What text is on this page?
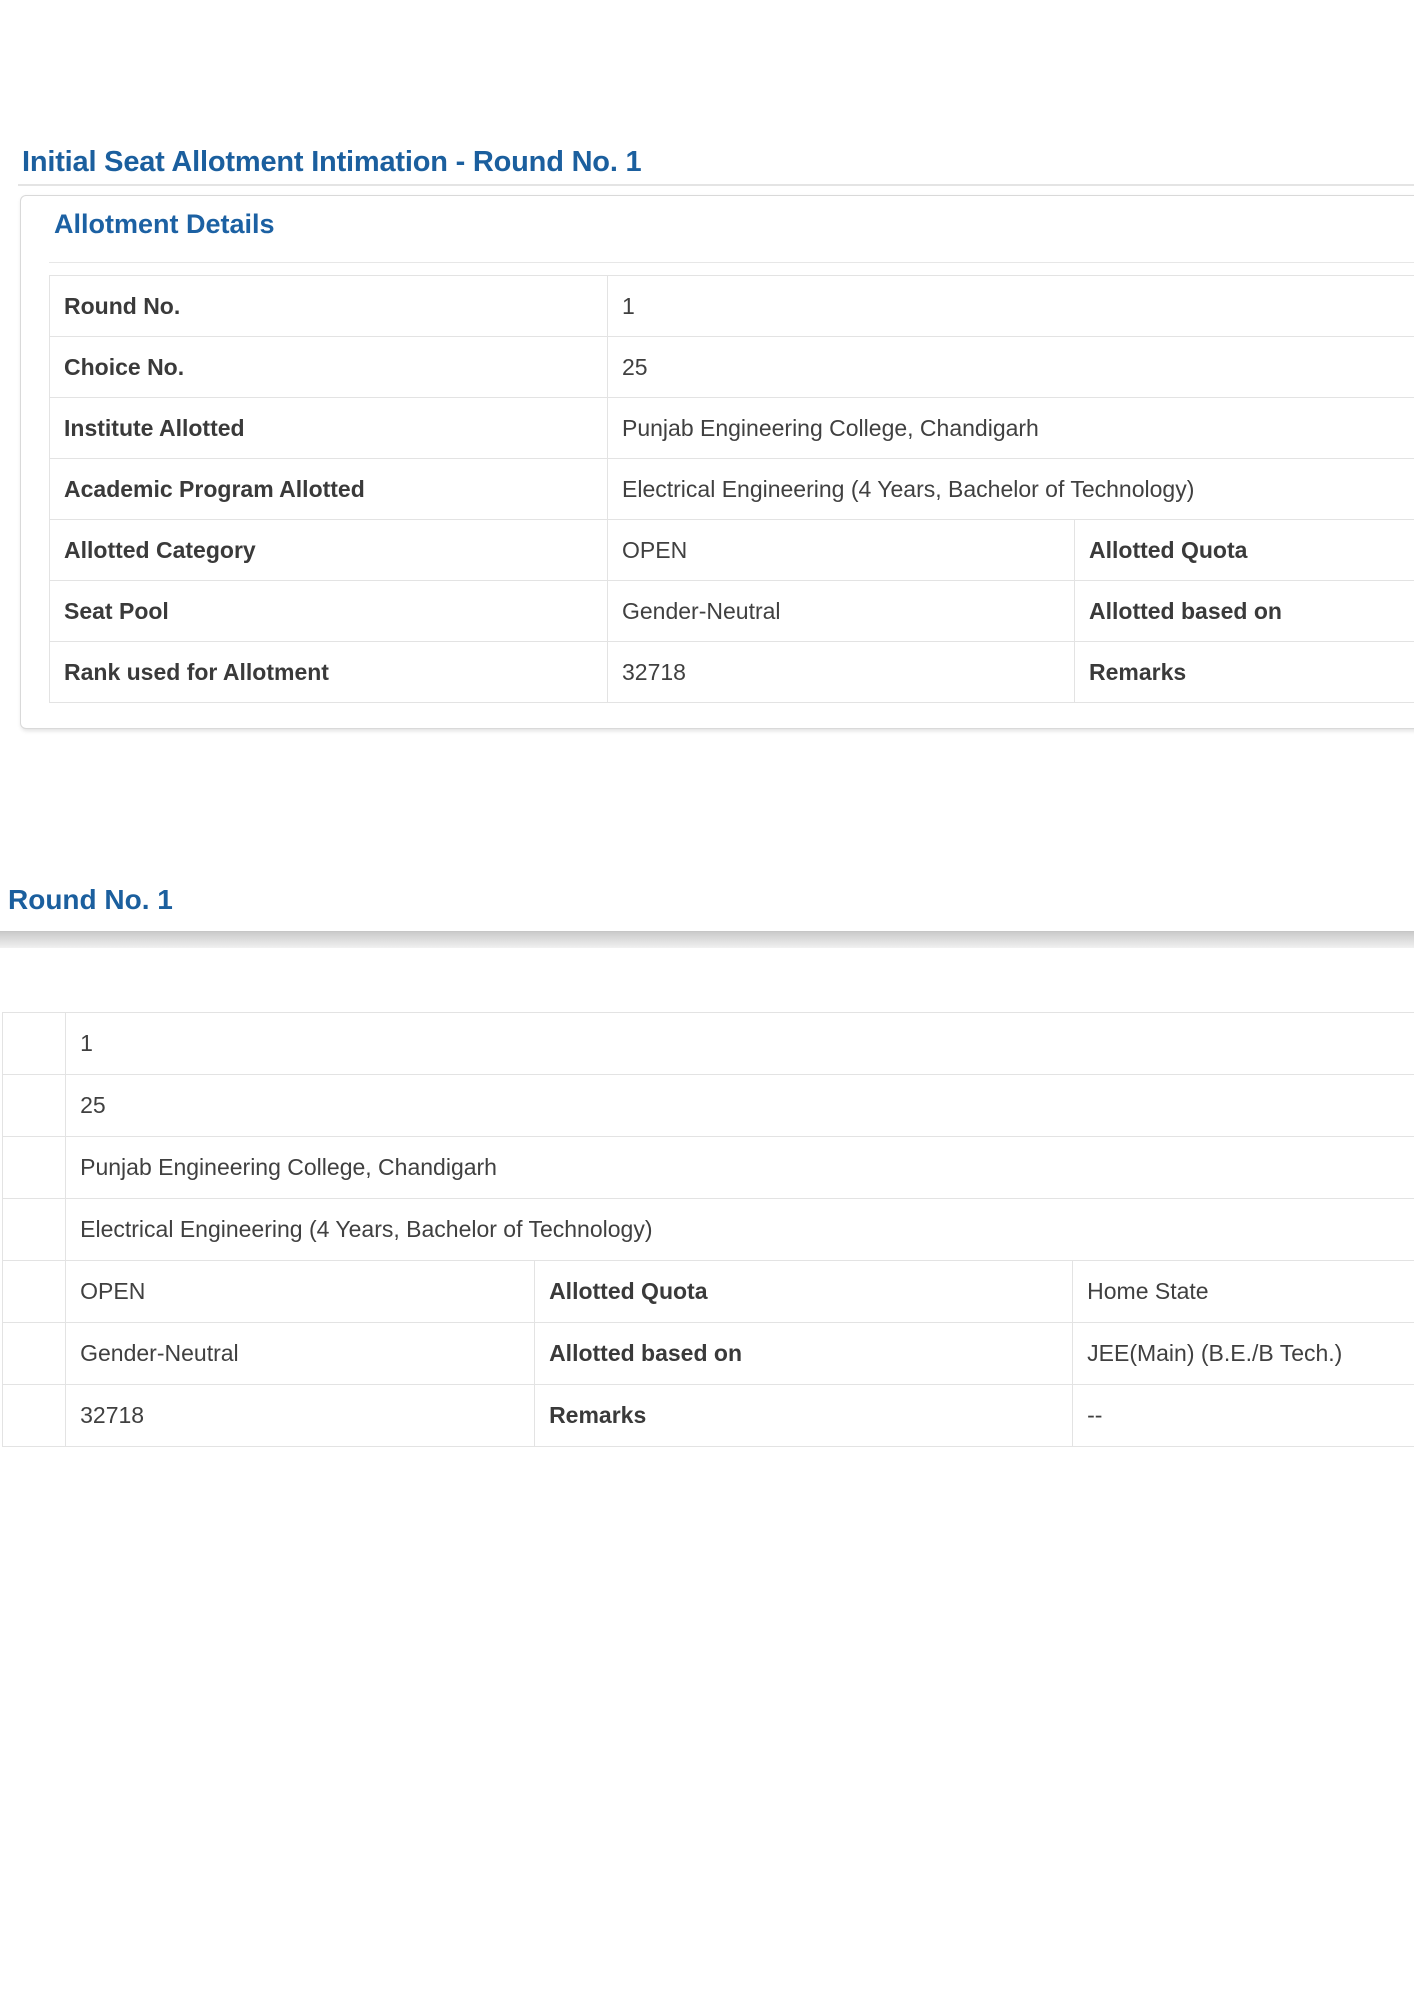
Initial Seat Allotment Intimation - Round No. 1
Allotment Details
Round No.	1	
Choice No.	25	
Institute Allotted	Punjab Engineering College, Chandigarh	
Academic Program Allotted	Electrical Engineering (4 Years, Bachelor of Technology)	
Allotted Category	OPEN	Allotted Quota
Seat Pool	Gender-Neutral	Allotted based on
Rank used for Allotment	32718	Remarks
Round No. 1
	1		
	25		
	Punjab Engineering College, Chandigarh		
	Electrical Engineering (4 Years, Bachelor of Technology)		
	OPEN	Allotted Quota	Home State
	Gender-Neutral	Allotted based on	JEE(Main) (B.E./B Tech.)
	32718	Remarks	--
